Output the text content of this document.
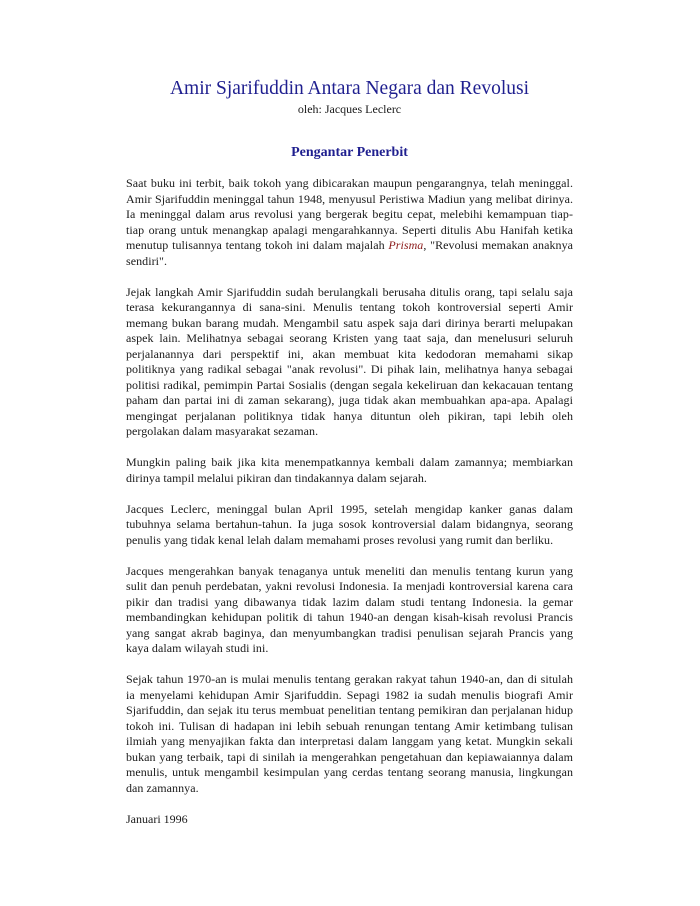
Amir Sjarifuddin Antara Negara dan Revolusi

oleh: Jacques Leclerc

Pengantar Penerbit

Saat buku ini terbit, baik tokoh yang dibicarakan maupun pengarangnya, telah meninggal. Amir Sjarifuddin meninggal tahun 1948, menyusul Peristiwa Madiun yang melibat dirinya. Ia meninggal dalam arus revolusi yang bergerak begitu cepat, melebihi kemampuan tiap-tiap orang untuk menangkap apalagi mengarahkannya. Seperti ditulis Abu Hanifah ketika menutup tulisannya tentang tokoh ini dalam majalah Prisma, "Revolusi memakan anaknya sendiri".

Jejak langkah Amir Sjarifuddin sudah berulangkali berusaha ditulis orang, tapi selalu saja terasa kekurangannya di sana-sini. Menulis tentang tokoh kontroversial seperti Amir memang bukan barang mudah. Mengambil satu aspek saja dari dirinya berarti melupakan aspek lain. Melihatnya sebagai seorang Kristen yang taat saja, dan menelusuri seluruh perjalanannya dari perspektif ini, akan membuat kita kedodoran memahami sikap politiknya yang radikal sebagai "anak revolusi". Di pihak lain, melihatnya hanya sebagai politisi radikal, pemimpin Partai Sosialis (dengan segala kekeliruan dan kekacauan tentang paham dan partai ini di zaman sekarang), juga tidak akan membuahkan apa-apa. Apalagi mengingat perjalanan politiknya tidak hanya dituntun oleh pikiran, tapi lebih oleh pergolakan dalam masyarakat sezaman.

Mungkin paling baik jika kita menempatkannya kembali dalam zamannya; membiarkan dirinya tampil melalui pikiran dan tindakannya dalam sejarah.

Jacques Leclerc, meninggal bulan April 1995, setelah mengidap kanker ganas dalam tubuhnya selama bertahun-tahun. Ia juga sosok kontroversial dalam bidangnya, seorang penulis yang tidak kenal lelah dalam memahami proses revolusi yang rumit dan berliku.

Jacques mengerahkan banyak tenaganya untuk meneliti dan menulis tentang kurun yang sulit dan penuh perdebatan, yakni revolusi Indonesia. Ia menjadi kontroversial karena cara pikir dan tradisi yang dibawanya tidak lazim dalam studi tentang Indonesia. la gemar membandingkan kehidupan politik di tahun 1940-an dengan kisah-kisah revolusi Prancis yang sangat akrab baginya, dan menyumbangkan tradisi penulisan sejarah Prancis yang kaya dalam wilayah studi ini.

Sejak tahun 1970-an is mulai menulis tentang gerakan rakyat tahun 1940-an, dan di situlah ia menyelami kehidupan Amir Sjarifuddin. Sepagi 1982 ia sudah menulis biografi Amir Sjarifuddin, dan sejak itu terus membuat penelitian tentang pemikiran dan perjalanan hidup tokoh ini. Tulisan di hadapan ini lebih sebuah renungan tentang Amir ketimbang tulisan ilmiah yang menyajikan fakta dan interpretasi dalam langgam yang ketat. Mungkin sekali bukan yang terbaik, tapi di sinilah ia mengerahkan pengetahuan dan kepiawaiannya dalam menulis, untuk mengambil kesimpulan yang cerdas tentang seorang manusia, lingkungan dan zamannya.

Januari 1996
